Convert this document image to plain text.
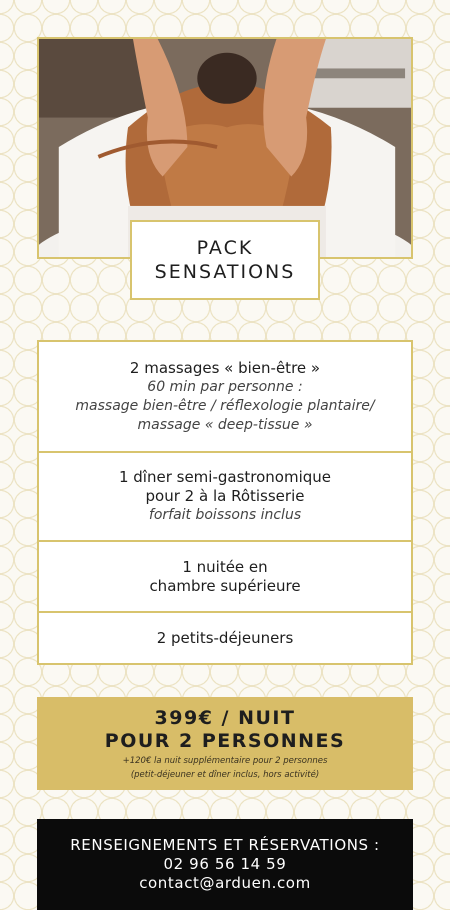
PACK
SENSATIONS
2 massages « bien-être »
60 min par personne :
massage bien-être / réflexologie plantaire/
massage « deep-tissue »
1 dîner semi-gastronomique
pour 2 à la Rôtisserie
forfait boissons inclus
1 nuitée en
chambre supérieure
2 petits-déjeuners
399€ / NUIT
POUR 2 PERSONNES
+120€ la nuit supplémentaire pour 2 personnes
(petit-déjeuner et dîner inclus, hors activité)
RENSEIGNEMENTS ET RÉSERVATIONS :
02 96 56 14 59
contact@arduen.com
